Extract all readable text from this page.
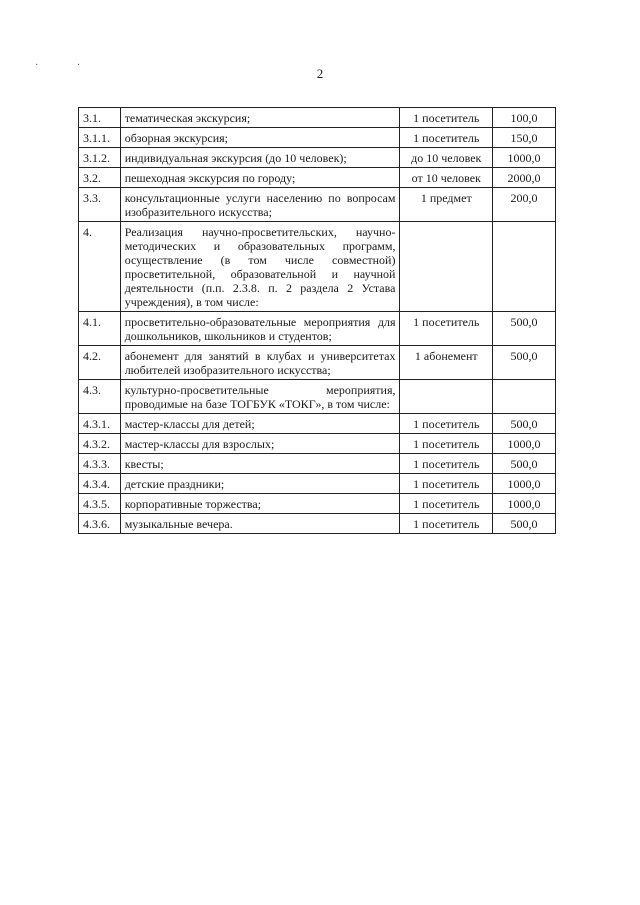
· ·
2
3.1.	тематическая экскурсия;	1 посетитель	100,0
3.1.1.	обзорная экскурсия;	1 посетитель	150,0
3.1.2.	индивидуальная экскурсия (до 10 человек);	до 10 человек	1000,0
3.2.	пешеходная экскурсия по городу;	от 10 человек	2000,0
3.3.	консультационные услуги населению по вопросам изобразительного искусства;	1 предмет	200,0
4.	Реализация научно-просветительских, научно-методических и образовательных программ, осуществление (в том числе совместной) просветительной, образовательной и научной деятельности (п.п. 2.3.8. п. 2 раздела 2 Устава учреждения), в том числе:		
4.1.	просветительно-образовательные мероприятия для дошкольников, школьников и студентов;	1 посетитель	500,0
4.2.	абонемент для занятий в клубах и университетах любителей изобразительного искусства;	1 абонемент	500,0
4.3.	культурно-просветительные мероприятия, проводимые на базе ТОГБУК «ТОКГ», в том числе:		
4.3.1.	мастер-классы для детей;	1 посетитель	500,0
4.3.2.	мастер-классы для взрослых;	1 посетитель	1000,0
4.3.3.	квесты;	1 посетитель	500,0
4.3.4.	детские праздники;	1 посетитель	1000,0
4.3.5.	корпоративные торжества;	1 посетитель	1000,0
4.3.6.	музыкальные вечера.	1 посетитель	500,0
